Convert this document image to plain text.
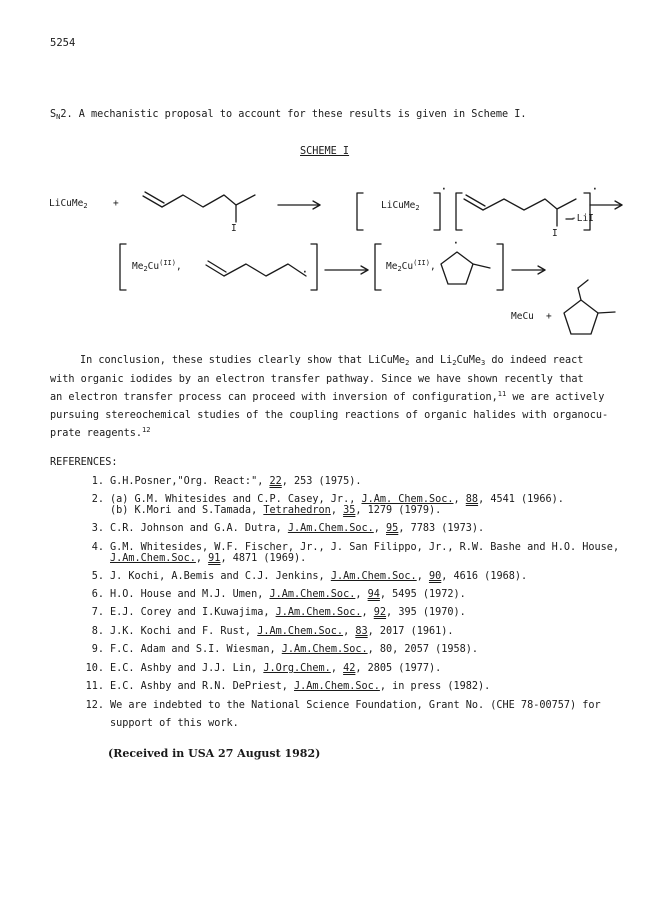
5254
$S_N2$. A mechanistic proposal to account for these results is given in Scheme I.
SCHEME I
LiCuMe$_2$	+
I
LiCuMe$_2$
·	·
I
-LiI
$Me_2Cu^{(II)}$,
·
$Me_2Cu^{(II)}$,
·
MeCu +
In conclusion, these studies clearly show that LiCuMe$_2$ and $Li_2CuMe_3$ do indeed react
with organic iodides by an electron transfer pathway. Since we have shown recently that
an electron transfer process can proceed with inversion of configuration,$^{11}$ we are actively
pursuing stereochemical studies of the coupling reactions of organic halides with organocu-
prate reagents.$^{12}$
REFERENCES:
1. G.H.Posner,"Org. React:", 22, 253 (1975).
2. (a) G.M. Whitesides and C.P. Casey, Jr., J.Am. Chem.Soc., 88, 4541 (1966).
(b) K.Mori and S.Tamada, Tetrahedron, 35, 1279 (1979).
3. C.R. Johnson and G.A. Dutra, J.Am.Chem.Soc., 95, 7783 (1973).
4. G.M. Whitesides, W.F. Fischer, Jr., J. San Filippo, Jr., R.W. Bashe and H.O. House,
J.Am.Chem.Soc., 91, 4871 (1969).
5. J. Kochi, A.Bemis and C.J. Jenkins, J.Am.Chem.Soc., 90, 4616 (1968).
6. H.O. House and M.J. Umen, J.Am.Chem.Soc., 94, 5495 (1972).
7. E.J. Corey and I.Kuwajima, J.Am.Chem.Soc., 92, 395 (1970).
8. J.K. Kochi and F. Rust, J.Am.Chem.Soc., 83, 2017 (1961).
9. F.C. Adam and S.I. Wiesman, J.Am.Chem.Soc., 80, 2057 (1958).
10. E.C. Ashby and J.J. Lin, J.Org.Chem., 42, 2805 (1977).
11. E.C. Ashby and R.N. DePriest, J.Am.Chem.Soc., in press (1982).
12. We are indebted to the National Science Foundation, Grant No. (CHE 78-00757) for
support of this work.
(Received in USA 27 August 1982)
